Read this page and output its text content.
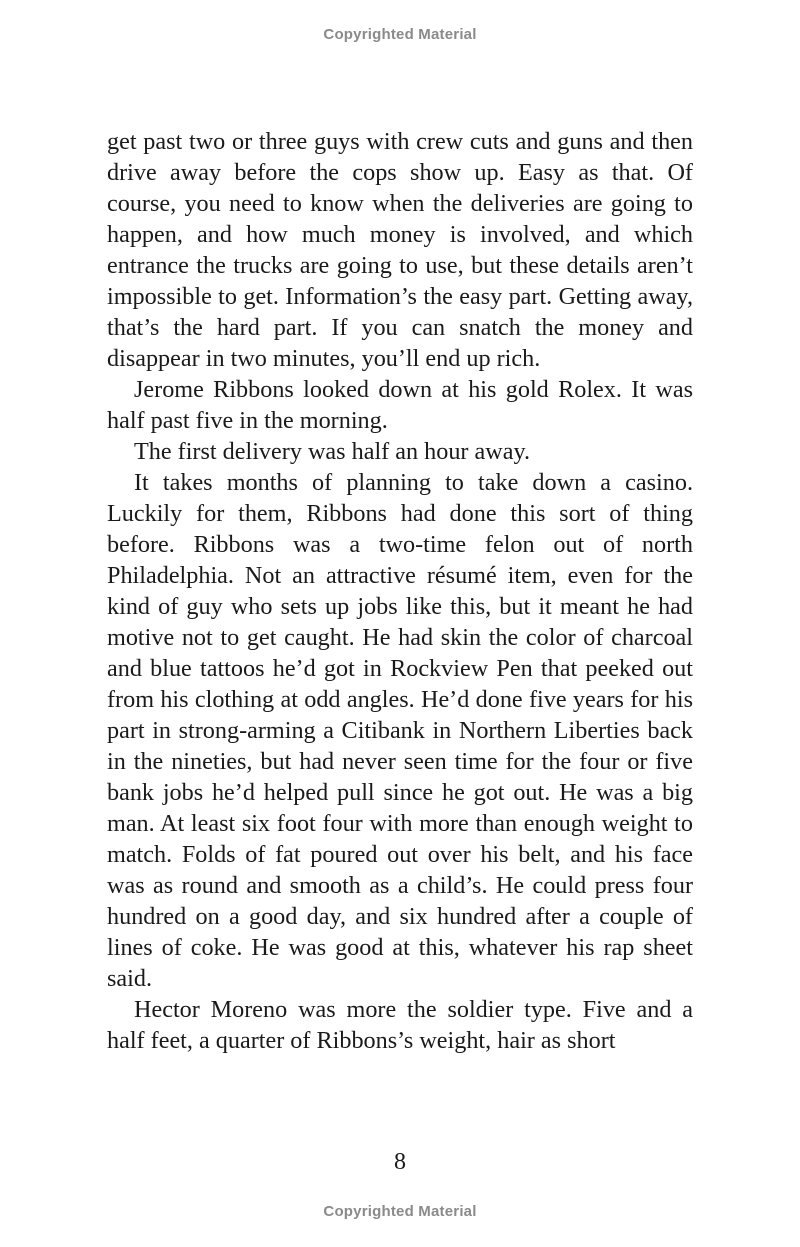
Copyrighted Material

get past two or three guys with crew cuts and guns and then drive away before the cops show up. Easy as that. Of course, you need to know when the deliveries are going to happen, and how much money is involved, and which entrance the trucks are going to use, but these details aren’t impossible to get. Information’s the easy part. Getting away, that’s the hard part. If you can snatch the money and disappear in two minutes, you’ll end up rich.

Jerome Ribbons looked down at his gold Rolex. It was half past five in the morning.

The first delivery was half an hour away.

It takes months of planning to take down a casino. Luckily for them, Ribbons had done this sort of thing before. Ribbons was a two-time felon out of north Philadelphia. Not an attractive résumé item, even for the kind of guy who sets up jobs like this, but it meant he had motive not to get caught. He had skin the color of charcoal and blue tattoos he’d got in Rockview Pen that peeked out from his clothing at odd angles. He’d done five years for his part in strong-arming a Citibank in Northern Liberties back in the nineties, but had never seen time for the four or five bank jobs he’d helped pull since he got out. He was a big man. At least six foot four with more than enough weight to match. Folds of fat poured out over his belt, and his face was as round and smooth as a child’s. He could press four hundred on a good day, and six hundred after a couple of lines of coke. He was good at this, whatever his rap sheet said.

Hector Moreno was more the soldier type. Five and a half feet, a quarter of Ribbons’s weight, hair as short

8
Copyrighted Material
